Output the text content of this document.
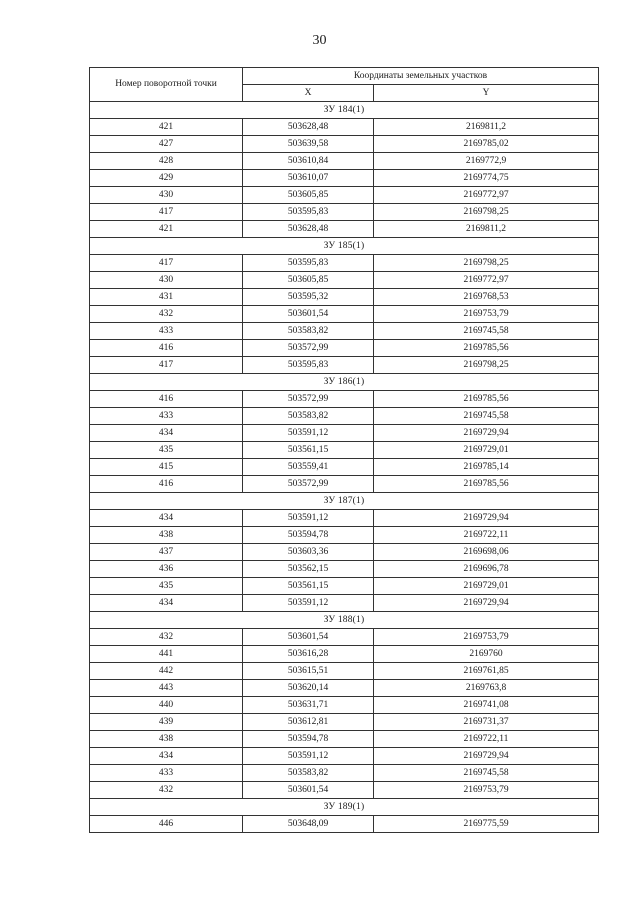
30
Номер поворотной точки	Координаты земельных участков	
	X	Y
ЗУ 184(1)		
421	503628,48	2169811,2
427	503639,58	2169785,02
428	503610,84	2169772,9
429	503610,07	2169774,75
430	503605,85	2169772,97
417	503595,83	2169798,25
421	503628,48	2169811,2
ЗУ 185(1)		
417	503595,83	2169798,25
430	503605,85	2169772,97
431	503595,32	2169768,53
432	503601,54	2169753,79
433	503583,82	2169745,58
416	503572,99	2169785,56
417	503595,83	2169798,25
ЗУ 186(1)		
416	503572,99	2169785,56
433	503583,82	2169745,58
434	503591,12	2169729,94
435	503561,15	2169729,01
415	503559,41	2169785,14
416	503572,99	2169785,56
ЗУ 187(1)		
434	503591,12	2169729,94
438	503594,78	2169722,11
437	503603,36	2169698,06
436	503562,15	2169696,78
435	503561,15	2169729,01
434	503591,12	2169729,94
ЗУ 188(1)		
432	503601,54	2169753,79
441	503616,28	2169760
442	503615,51	2169761,85
443	503620,14	2169763,8
440	503631,71	2169741,08
439	503612,81	2169731,37
438	503594,78	2169722,11
434	503591,12	2169729,94
433	503583,82	2169745,58
432	503601,54	2169753,79
ЗУ 189(1)		
446	503648,09	2169775,59
